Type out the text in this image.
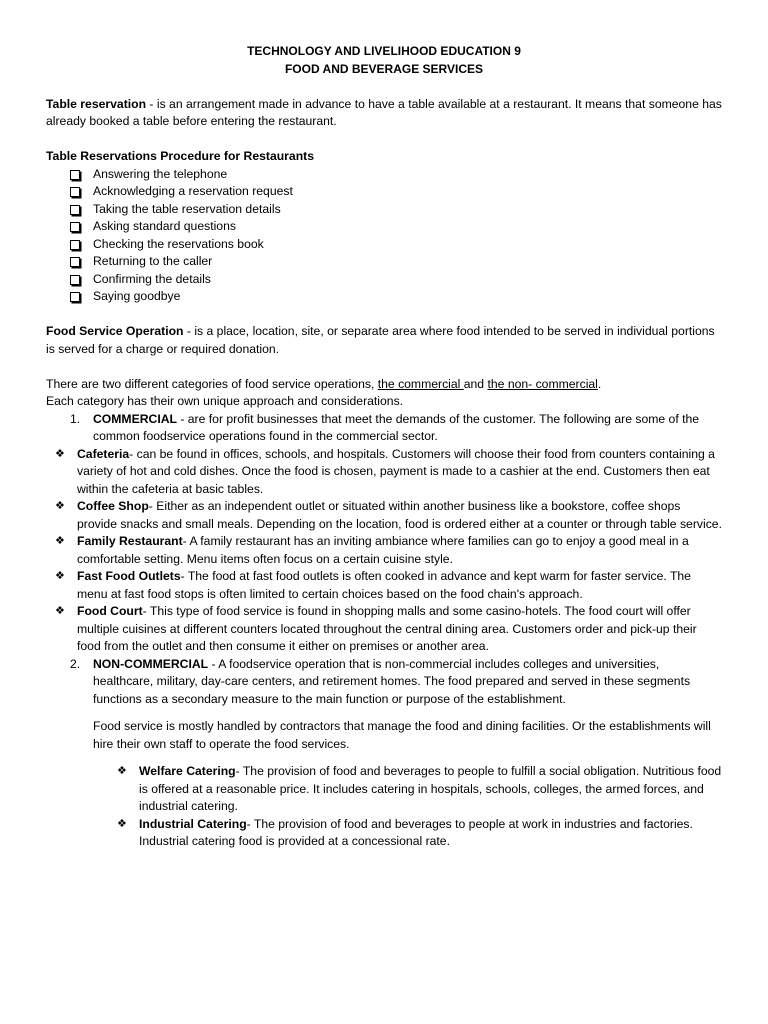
TECHNOLOGY AND LIVELIHOOD EDUCATION 9
FOOD AND BEVERAGE SERVICES

Table reservation - is an arrangement made in advance to have a table available at a restaurant. It means that someone has already booked a table before entering the restaurant.

Table Reservations Procedure for Restaurants

Answering the telephone
Acknowledging a reservation request
Taking the table reservation details
Asking standard questions
Checking the reservations book
Returning to the caller
Confirming the details
Saying goodbye

Food Service Operation - is a place, location, site, or separate area where food intended to be served in individual portions is served for a charge or required donation.

There are two different categories of food service operations, the commercial and the non- commercial.

Each category has their own unique approach and considerations.

1. COMMERCIAL - are for profit businesses that meet the demands of the customer. The following are some of the common foodservice operations found in the commercial sector.
❖ Cafeteria- can be found in offices, schools, and hospitals. Customers will choose their food from counters containing a variety of hot and cold dishes. Once the food is chosen, payment is made to a cashier at the end. Customers then eat within the cafeteria at basic tables.
❖ Coffee Shop- Either as an independent outlet or situated within another business like a bookstore, coffee shops provide snacks and small meals. Depending on the location, food is ordered either at a counter or through table service.
❖ Family Restaurant- A family restaurant has an inviting ambiance where families can go to enjoy a good meal in a comfortable setting. Menu items often focus on a certain cuisine style.
❖ Fast Food Outlets- The food at fast food outlets is often cooked in advance and kept warm for faster service. The menu at fast food stops is often limited to certain choices based on the food chain's approach.
❖ Food Court- This type of food service is found in shopping malls and some casino-hotels. The food court will offer multiple cuisines at different counters located throughout the central dining area. Customers order and pick-up their food from the outlet and then consume it either on premises or another area.
2. NON-COMMERCIAL - A foodservice operation that is non-commercial includes colleges and universities, healthcare, military, day-care centers, and retirement homes. The food prepared and served in these segments functions as a secondary measure to the main function or purpose of the establishment.

Food service is mostly handled by contractors that manage the food and dining facilities. Or the establishments will hire their own staff to operate the food services.

❖ Welfare Catering- The provision of food and beverages to people to fulfill a social obligation. Nutritious food is offered at a reasonable price. It includes catering in hospitals, schools, colleges, the armed forces, and industrial catering.
❖ Industrial Catering- The provision of food and beverages to people at work in industries and factories. Industrial catering food is provided at a concessional rate.
